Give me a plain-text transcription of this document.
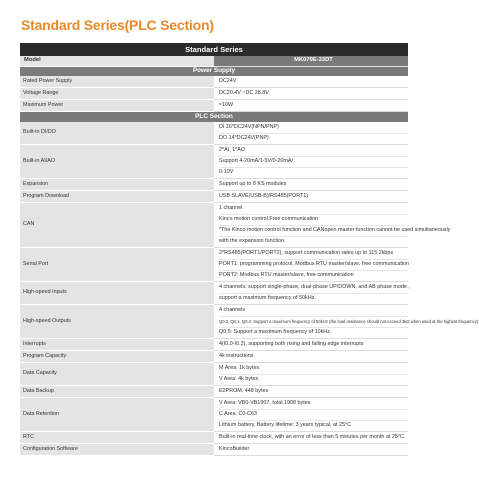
Standard Series(PLC Section)
Standard Series	
Model	MK070E-33DT
Power Supply	
Rated Power Supply	DC24V

Voltage Range	DC20.4V ~DC 28.8V

Maximum Power	≈10W

PLC Section	
Built-in DI/DO	DI 16*DC24V(NPN/PNP)
DO 14*DC24V(PNP)

Built-in AI/AO	2*AI, 1*AO
Support 4-20mA/1-5V/0-20mA/
0-10V

Expansion	Support up to 8 KS modules

Program Download	USB SLAVE(USB-B)/RS485(PORT1)

CAN	1 channel
Kinco motion control,Free communication
*The Kinco motion control function and CANopen master function cannot be used simultaneously
with the expansion function.

Serial Port	2*RS485(PORT1/PORT2), support communication rates up to 115.2kbps
PORT1: programming protocol, Modbus RTU master/slave, free communication
PORT2: Modbus RTU master/slave, free communication

High-speed Inputs	4 channels, support single-phase, dual-phase UP/DOWN, and AB phase mode ,
support a maximum frequency of 50kHz.

High-speed Outputs	4 channels
Q0.0, Q0.1, Q0.4: Support a maximum frequency of 50kHz (the load resistance should not exceed 3kΩ when used at the highest frequency).
Q0.5: Support a maximum frequency of 10kHz.

Interrupts	4(I0.0-I0.3), supporting both rising and falling edge interrupts

Program Capacity	4k instructions

Data Capacity	M Area: 1k bytes
V Area: 4k bytes

Data Backup	E2PROM, 448 bytes

Data Retention	V Area: VB0-VB1907, total 1908 bytes
C Area: C0-C63
Lithium battery, Battery lifetime: 3 years typical, at 25°C

RTC	Built-in real-time clock, with an error of less than 5 minutes per month at 25°C.

Configuration Software	KincoBuilder
